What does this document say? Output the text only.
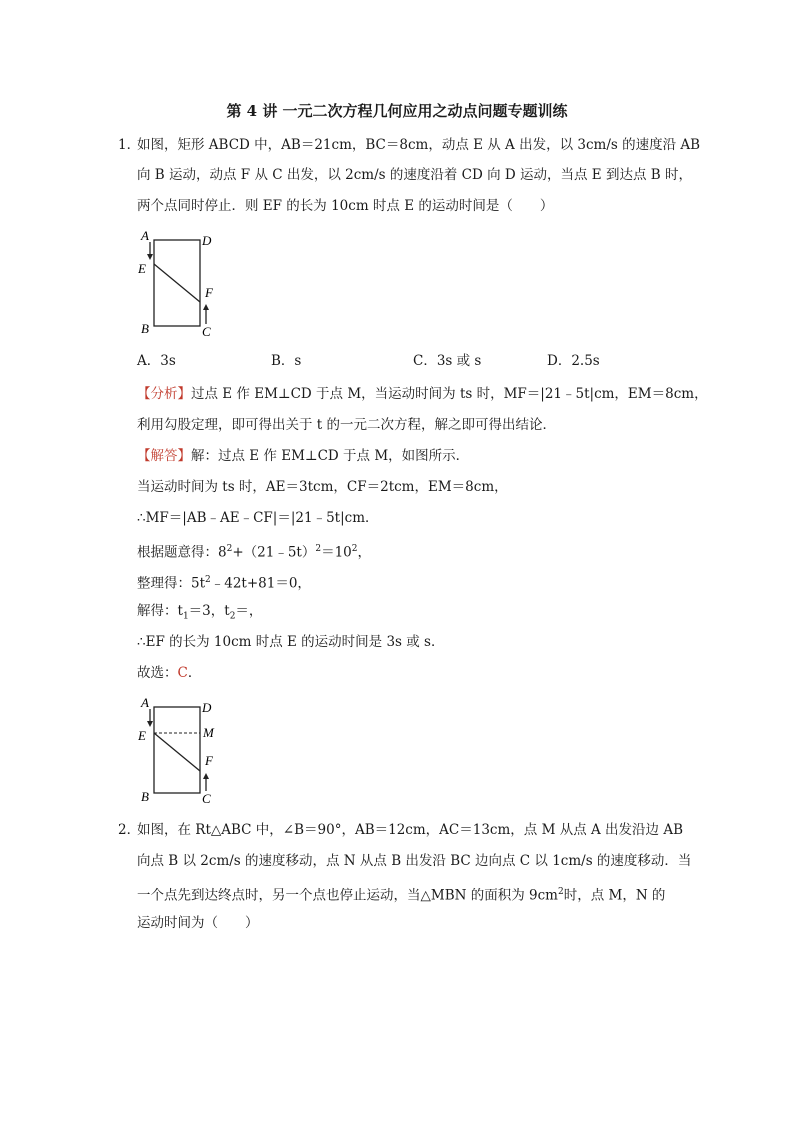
第 4 讲 一元二次方程几何应用之动点问题专题训练
1．
如图，矩形 ABCD 中，AB＝21cm，BC＝8cm，动点 E 从 A 出发，以 3cm/s 的速度沿 AB
向 B 运动，动点 F 从 C 出发，以 2cm/s 的速度沿着 CD 向 D 运动，当点 E 到达点 B 时，
两个点同时停止．则 EF 的长为 10cm 时点 E 的运动时间是（　　）
A	D
E
F
B	C
A．3s	B．s	C．3s 或 s	D．2.5s
【分析】过点 E 作 EM⊥CD 于点 M，当运动时间为 ts 时，MF＝|21﹣5t|cm，EM＝8cm，
利用勾股定理，即可得出关于 t 的一元二次方程，解之即可得出结论．
【解答】解：过点 E 作 EM⊥CD 于点 M，如图所示．
当运动时间为 ts 时，AE＝3tcm，CF＝2tcm，EM＝8cm，
∴MF＝|AB﹣AE﹣CF|＝|21﹣5t|cm．
根据题意得：$8^2+(21﹣5t)^2=10^2$，
整理得：$5t^2﹣42t+81=0$，
解得：$t_1=3$，$t_2=$，
∴EF 的长为 10cm 时点 E 的运动时间是 3s 或 s．
故选：C．
A	D
E	M
F
B	C
2．
如图，在 Rt△ABC 中，∠B＝90°，AB＝12cm，AC＝13cm，点 M 从点 A 出发沿边 AB
向点 B 以 2cm/s 的速度移动，点 N 从点 B 出发沿 BC 边向点 C 以 1cm/s 的速度移动．当
一个点先到达终点时，另一个点也停止运动，当△MBN 的面积为 $9cm^2$时，点 M，N 的
运动时间为（　　）
